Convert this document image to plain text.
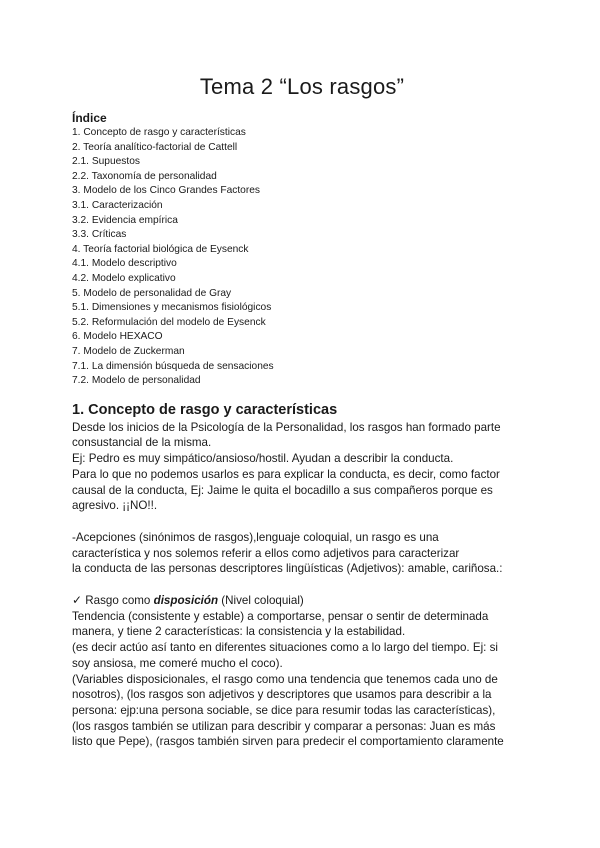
Tema 2 “Los rasgos”
Índice
1. Concepto de rasgo y características
2. Teoría analítico-factorial de Cattell
2.1. Supuestos
2.2. Taxonomía de personalidad
3. Modelo de los Cinco Grandes Factores
3.1. Caracterización
3.2. Evidencia empírica
3.3. Críticas
4. Teoría factorial biológica de Eysenck
4.1. Modelo descriptivo
4.2. Modelo explicativo
5. Modelo de personalidad de Gray
5.1. Dimensiones y mecanismos fisiológicos
5.2. Reformulación del modelo de Eysenck
6. Modelo HEXACO
7. Modelo de Zuckerman
7.1. La dimensión búsqueda de sensaciones
7.2. Modelo de personalidad
1. Concepto de rasgo y características
Desde los inicios de la Psicología de la Personalidad, los rasgos han formado parte
consustancial de la misma.
Ej: Pedro es muy simpático/ansioso/hostil. Ayudan a describir la conducta.
Para lo que no podemos usarlos es para explicar la conducta, es decir, como factor
causal de la conducta, Ej: Jaime le quita el bocadillo a sus compañeros porque es
agresivo. ¡¡NO!!.
-Acepciones (sinónimos de rasgos),lenguaje coloquial, un rasgo es una
característica y nos solemos referir a ellos como adjetivos para caracterizar
la conducta de las personas descriptores lingüísticas (Adjetivos): amable, cariñosa.:
✓ Rasgo como disposición (Nivel coloquial)
Tendencia (consistente y estable) a comportarse, pensar o sentir de determinada
manera, y tiene 2 características: la consistencia y la estabilidad.
(es decir actúo así tanto en diferentes situaciones como a lo largo del tiempo. Ej: si
soy ansiosa, me comeré mucho el coco).
(Variables disposicionales, el rasgo como una tendencia que tenemos cada uno de
nosotros), (los rasgos son adjetivos y descriptores que usamos para describir a la
persona: ejp:una persona sociable, se dice para resumir todas las características),
(los rasgos también se utilizan para describir y comparar a personas: Juan es más
listo que Pepe), (rasgos también sirven para predecir el comportamiento claramente
